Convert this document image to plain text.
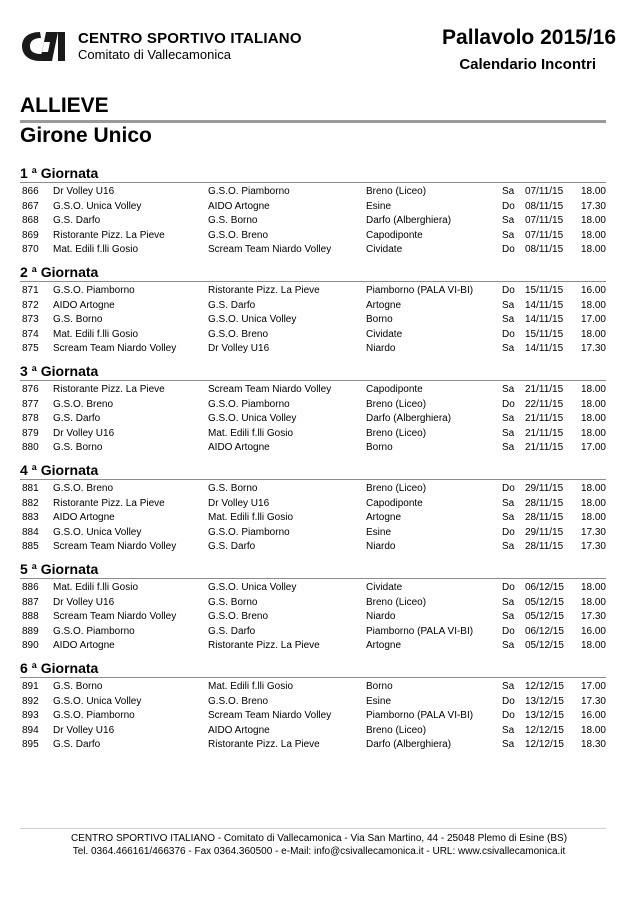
CENTRO SPORTIVO ITALIANO
Comitato di Vallecamonica
Pallavolo 2015/16
Calendario Incontri
ALLIEVE
Girone Unico
1 ª Giornata
866 Dr Volley U16	G.S.O. Piamborno	Breno (Liceo)	Sa 07/11/15 18.00
867 G.S.O. Unica Volley	AIDO Artogne	Esine	Do 08/11/15 17.30
868 G.S. Darfo	G.S. Borno	Darfo (Alberghiera)	Sa 07/11/15 18.00
869 Ristorante Pizz. La Pieve	G.S.O. Breno	Capodiponte	Sa 07/11/15 18.00
870 Mat. Edili f.lli Gosio	Scream Team Niardo Volley	Cividate	Do 08/11/15 18.00
2 ª Giornata
871 G.S.O. Piamborno	Ristorante Pizz. La Pieve	Piamborno (PALA VI-BI)	Do 15/11/15 16.00
872 AIDO Artogne	G.S. Darfo	Artogne	Sa 14/11/15 18.00
873 G.S. Borno	G.S.O. Unica Volley	Borno	Sa 14/11/15 17.00
874 Mat. Edili f.lli Gosio	G.S.O. Breno	Cividate	Do 15/11/15 18.00
875 Scream Team Niardo Volley	Dr Volley U16	Niardo	Sa 14/11/15 17.30
3 ª Giornata
876 Ristorante Pizz. La Pieve	Scream Team Niardo Volley	Capodiponte	Sa 21/11/15 18.00
877 G.S.O. Breno	G.S.O. Piamborno	Breno (Liceo)	Do 22/11/15 18.00
878 G.S. Darfo	G.S.O. Unica Volley	Darfo (Alberghiera)	Sa 21/11/15 18.00
879 Dr Volley U16	Mat. Edili f.lli Gosio	Breno (Liceo)	Sa 21/11/15 18.00
880 G.S. Borno	AIDO Artogne	Borno	Sa 21/11/15 17.00
4 ª Giornata
881 G.S.O. Breno	G.S. Borno	Breno (Liceo)	Do 29/11/15 18.00
882 Ristorante Pizz. La Pieve	Dr Volley U16	Capodiponte	Sa 28/11/15 18.00
883 AIDO Artogne	Mat. Edili f.lli Gosio	Artogne	Sa 28/11/15 18.00
884 G.S.O. Unica Volley	G.S.O. Piamborno	Esine	Do 29/11/15 17.30
885 Scream Team Niardo Volley	G.S. Darfo	Niardo	Sa 28/11/15 17.30
5 ª Giornata
886 Mat. Edili f.lli Gosio	G.S.O. Unica Volley	Cividate	Do 06/12/15 18.00
887 Dr Volley U16	G.S. Borno	Breno (Liceo)	Sa 05/12/15 18.00
888 Scream Team Niardo Volley	G.S.O. Breno	Niardo	Sa 05/12/15 17.30
889 G.S.O. Piamborno	G.S. Darfo	Piamborno (PALA VI-BI)	Do 06/12/15 16.00
890 AIDO Artogne	Ristorante Pizz. La Pieve	Artogne	Sa 05/12/15 18.00
6 ª Giornata
891 G.S. Borno	Mat. Edili f.lli Gosio	Borno	Sa 12/12/15 17.00
892 G.S.O. Unica Volley	G.S.O. Breno	Esine	Do 13/12/15 17.30
893 G.S.O. Piamborno	Scream Team Niardo Volley	Piamborno (PALA VI-BI)	Do 13/12/15 16.00
894 Dr Volley U16	AIDO Artogne	Breno (Liceo)	Sa 12/12/15 18.00
895 G.S. Darfo	Ristorante Pizz. La Pieve	Darfo (Alberghiera)	Sa 12/12/15 18.30
CENTRO SPORTIVO ITALIANO - Comitato di Vallecamonica - Via San Martino, 44 - 25048 Plemo di Esine (BS)
Tel. 0364.466161/466376 - Fax 0364.360500 - e-Mail: info@csivallecamonica.it - URL: www.csivallecamonica.it
